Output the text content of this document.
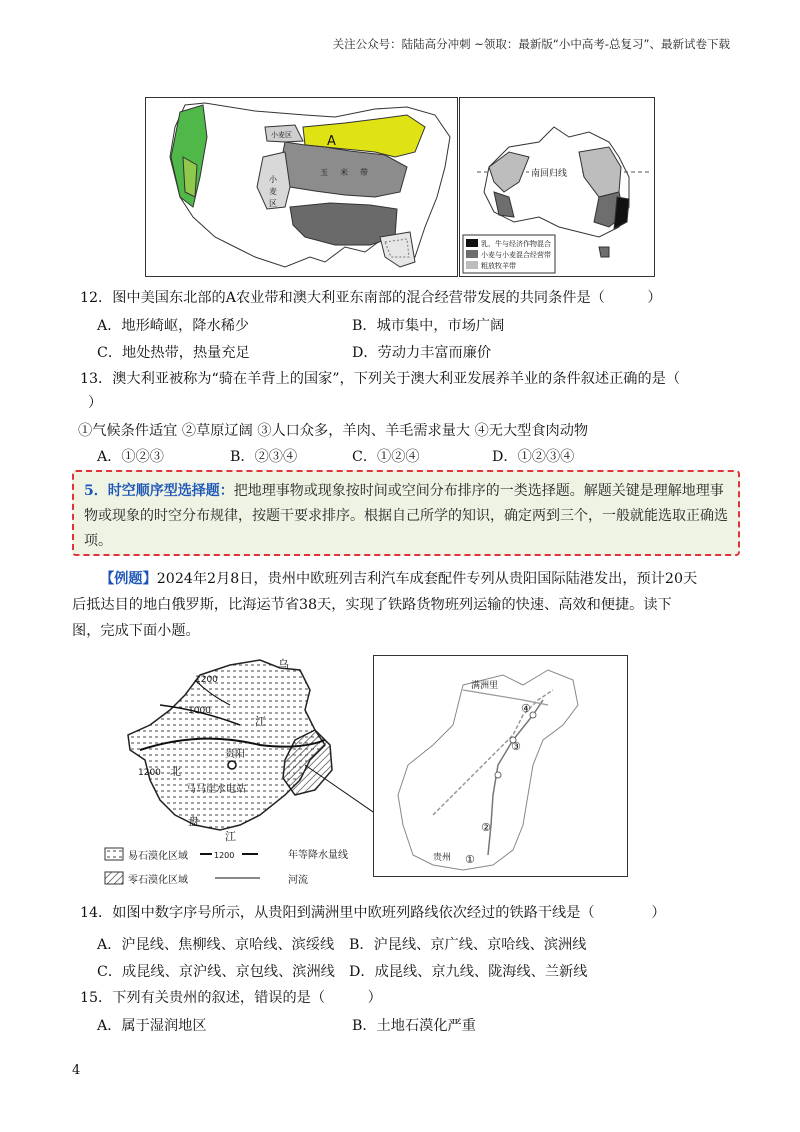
关注公众号：陆陆高分冲刺 ~领取：最新版“小中高考-总复习”、最新试卷下载
A
小麦区
玉 米 带
小
麦
区
南回归线
乳、牛与经济作物混合
小麦与小麦混合经营带
粗放牧羊带
12．图中美国东北部的A农业带和澳大利亚东南部的混合经营带发展的共同条件是（　　　）
A．地形崎岖，降水稀少	B．城市集中，市场广阔
C．地处热带，热量充足	D．劳动力丰富而廉价
13．澳大利亚被称为“骑在羊背上的国家”，下列关于澳大利亚发展养羊业的条件叙述正确的是（
）
①气候条件适宜 ②草原辽阔 ③人口众多，羊肉、羊毛需求量大 ④无大型食肉动物
A．①②③	B．②③④	C．①②④	D．①②③④

5．时空顺序型选择题：把地理事物或现象按时间或空间分布排序的一类选择题。解题关键是理解地理事物或现象的时空分布规律，按题干要求排序。根据自己所学的知识，确定两到三个，一般就能选取正确选项。

【例题】2024年2月8日，贵州中欧班列吉利汽车成套配件专列从贵阳国际陆港发出，预计20天
后抵达目的地白俄罗斯，比海运节省38天，实现了铁路货物班列运输的快速、高效和便捷。读下
图，完成下面小题。
乌
1200
1000
江
贵阳
1200 北
马马崖水电站
盘
江
易石漠化区域	1200	年等降水量线
零石漠化区域	河流
满洲里
④
③
②
①
贵州
14．如图中数字序号所示，从贵阳到满洲里中欧班列路线依次经过的铁路干线是（　　　　）
A．沪昆线、焦柳线、京哈线、滨绥线 B．沪昆线、京广线、京哈线、滨洲线
C．成昆线、京沪线、京包线、滨洲线 D．成昆线、京九线、陇海线、兰新线
15．下列有关贵州的叙述，错误的是（　　　）
A．属于湿润地区	B．土地石漠化严重
4
